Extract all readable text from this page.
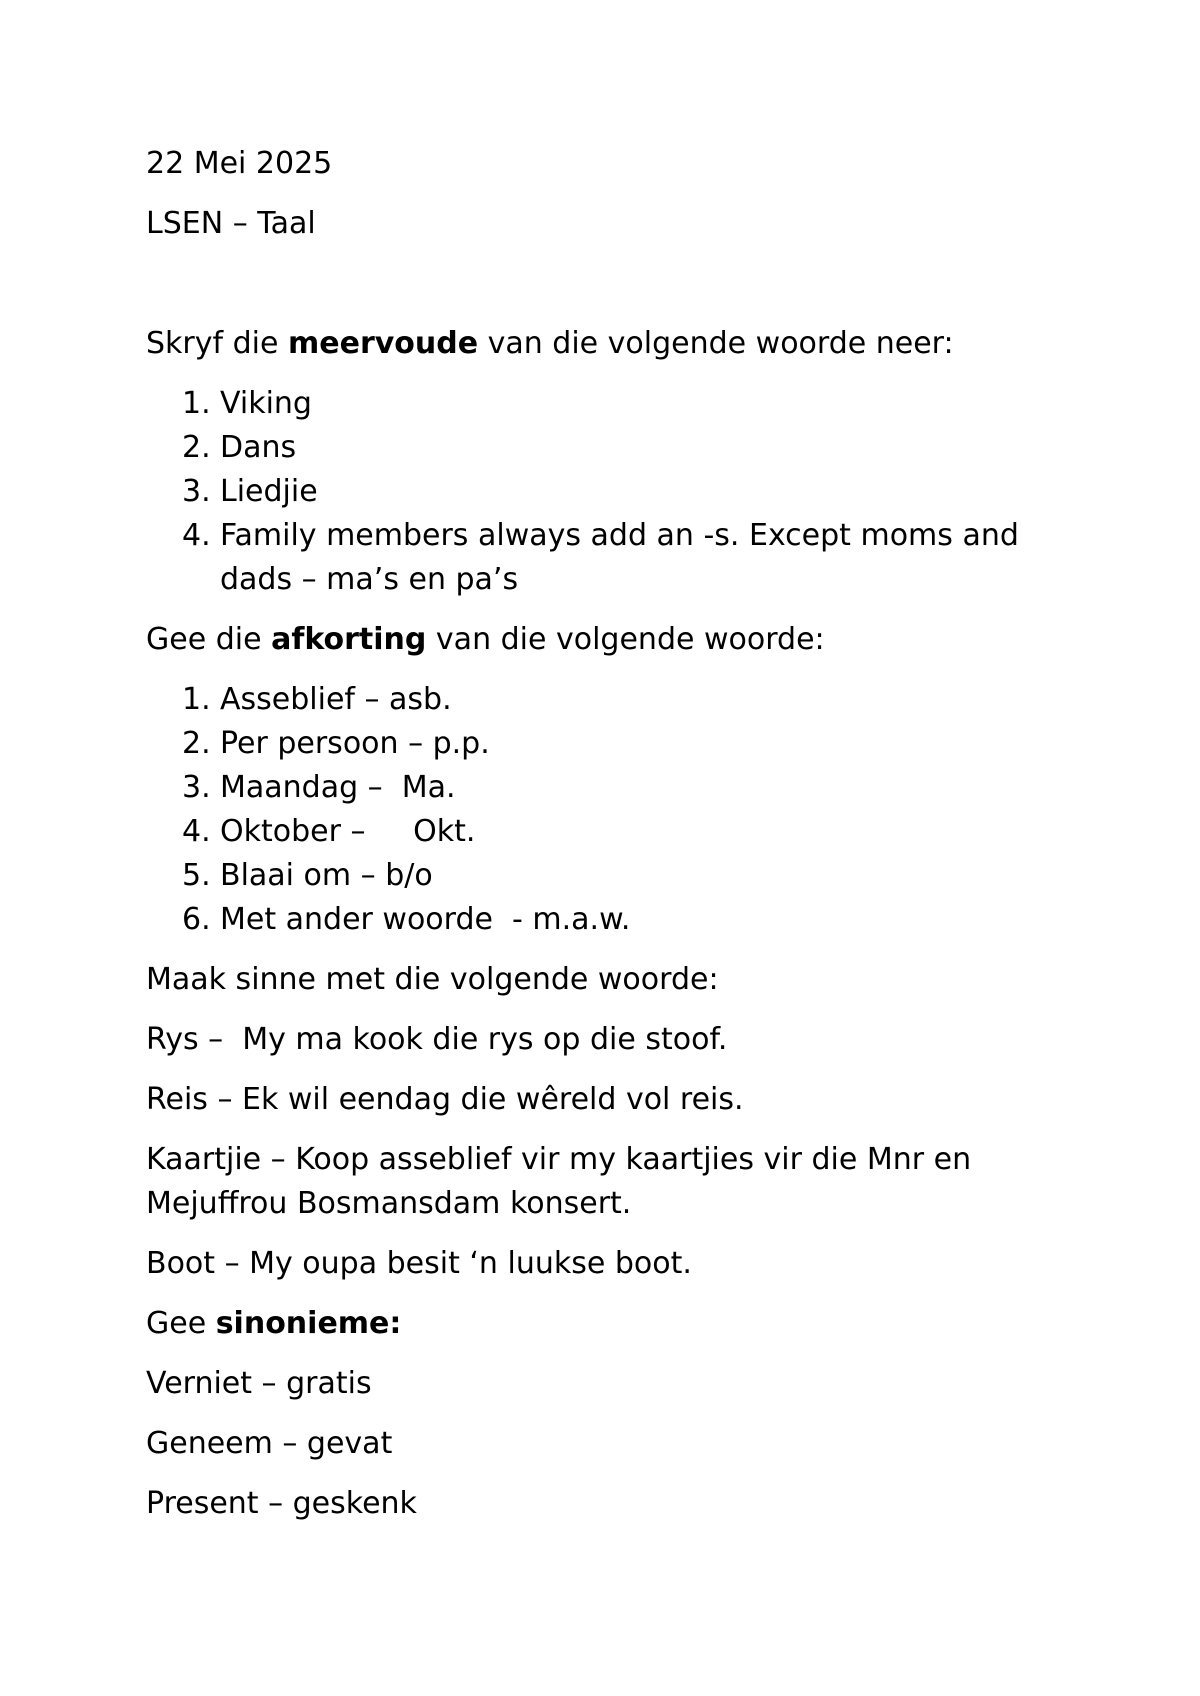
22 Mei 2025

LSEN – Taal

Skryf die meervoude van die volgende woorde neer:

1. Viking
2. Dans
3. Liedjie
4. Family members always add an -s. Except moms and dads – ma’s en pa’s

Gee die afkorting van die volgende woorde:

1. Asseblief – asb.
2. Per persoon – p.p.
3. Maandag –  Ma.
4. Oktober –     Okt.
5. Blaai om – b/o
6. Met ander woorde  - m.a.w.

Maak sinne met die volgende woorde:

Rys –  My ma kook die rys op die stoof.

Reis – Ek wil eendag die wêreld vol reis.

Kaartjie – Koop asseblief vir my kaartjies vir die Mnr en Mejuffrou Bosmansdam konsert.

Boot – My oupa besit ‘n luukse boot.

Gee sinonieme:

Verniet – gratis

Geneem – gevat

Present – geskenk
